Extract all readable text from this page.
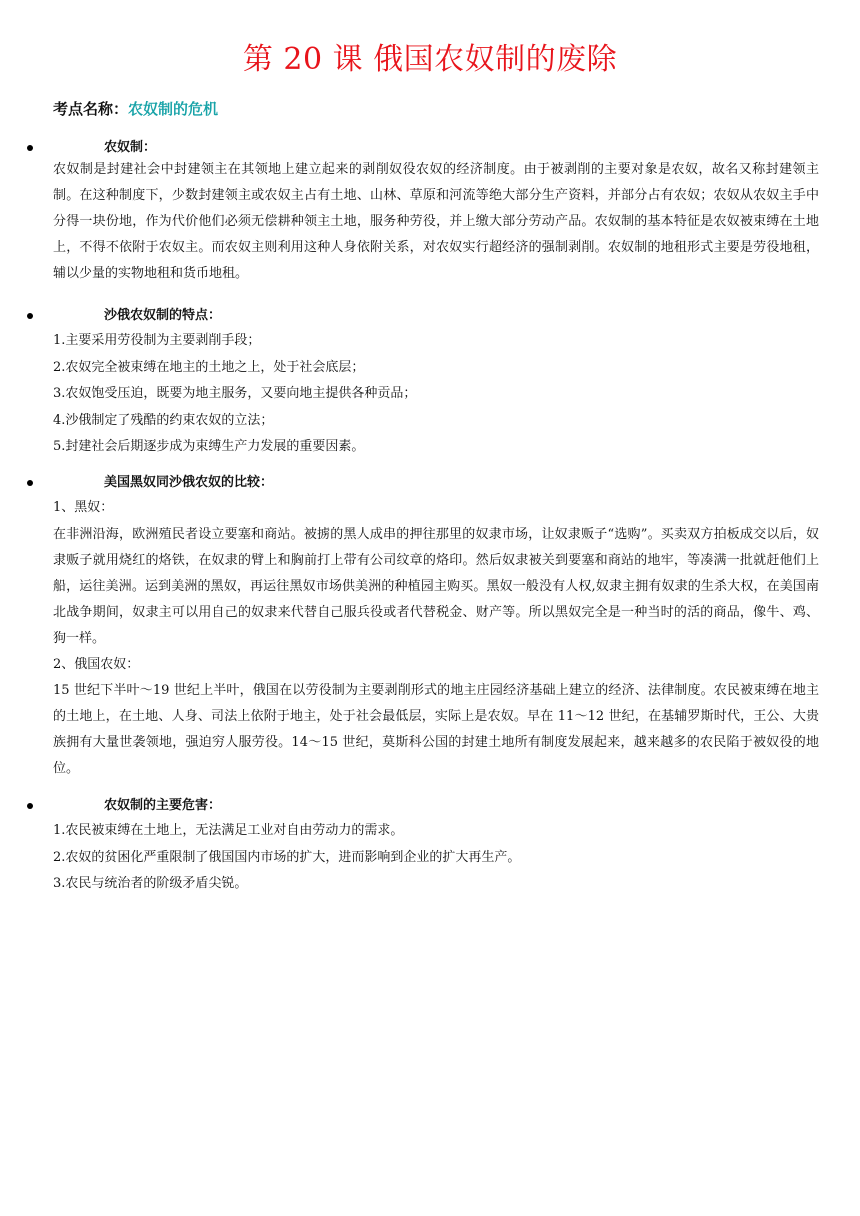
第 20 课 俄国农奴制的废除
考点名称：农奴制的危机
农奴制：

农奴制是封建社会中封建领主在其领地上建立起来的剥削奴役农奴的经济制度。由于被剥削的主要对象是农奴，故名又称封建领主制。在这种制度下，少数封建领主或农奴主占有土地、山林、草原和河流等绝大部分生产资料，并部分占有农奴；农奴从农奴主手中分得一块份地，作为代价他们必须无偿耕种领主土地，服务种劳役，并上缴大部分劳动产品。农奴制的基本特征是农奴被束缚在土地上，不得不依附于农奴主。而农奴主则利用这种人身依附关系，对农奴实行超经济的强制剥削。农奴制的地租形式主要是劳役地租，辅以少量的实物地租和货币地租。

沙俄农奴制的特点：
1.主要采用劳役制为主要剥削手段；
2.农奴完全被束缚在地主的土地之上，处于社会底层；
3.农奴饱受压迫，既要为地主服务，又要向地主提供各种贡品；
4.沙俄制定了残酷的约束农奴的立法；
5.封建社会后期逐步成为束缚生产力发展的重要因素。
美国黑奴同沙俄农奴的比较：
1、黑奴：

在非洲沿海，欧洲殖民者设立要塞和商站。被掳的黑人成串的押往那里的奴隶市场，让奴隶贩子“选购”。买卖双方拍板成交以后，奴隶贩子就用烧红的烙铁，在奴隶的臂上和胸前打上带有公司纹章的烙印。然后奴隶被关到要塞和商站的地牢，等凑满一批就赶他们上船，运往美洲。运到美洲的黑奴，再运往黑奴市场供美洲的种植园主购买。黑奴一般没有人权,奴隶主拥有奴隶的生杀大权，在美国南北战争期间，奴隶主可以用自己的奴隶来代替自己服兵役或者代替税金、财产等。所以黑奴完全是一种当时的活的商品，像牛、鸡、狗一样。

2、俄国农奴：

15 世纪下半叶～19 世纪上半叶，俄国在以劳役制为主要剥削形式的地主庄园经济基础上建立的经济、法律制度。农民被束缚在地主的土地上，在土地、人身、司法上依附于地主，处于社会最低层，实际上是农奴。早在 11～12 世纪，在基辅罗斯时代，王公、大贵族拥有大量世袭领地，强迫穷人服劳役。14～15 世纪，莫斯科公国的封建土地所有制度发展起来，越来越多的农民陷于被奴役的地位。

农奴制的主要危害：
1.农民被束缚在土地上，无法满足工业对自由劳动力的需求。
2.农奴的贫困化严重限制了俄国国内市场的扩大，进而影响到企业的扩大再生产。
3.农民与统治者的阶级矛盾尖锐。
